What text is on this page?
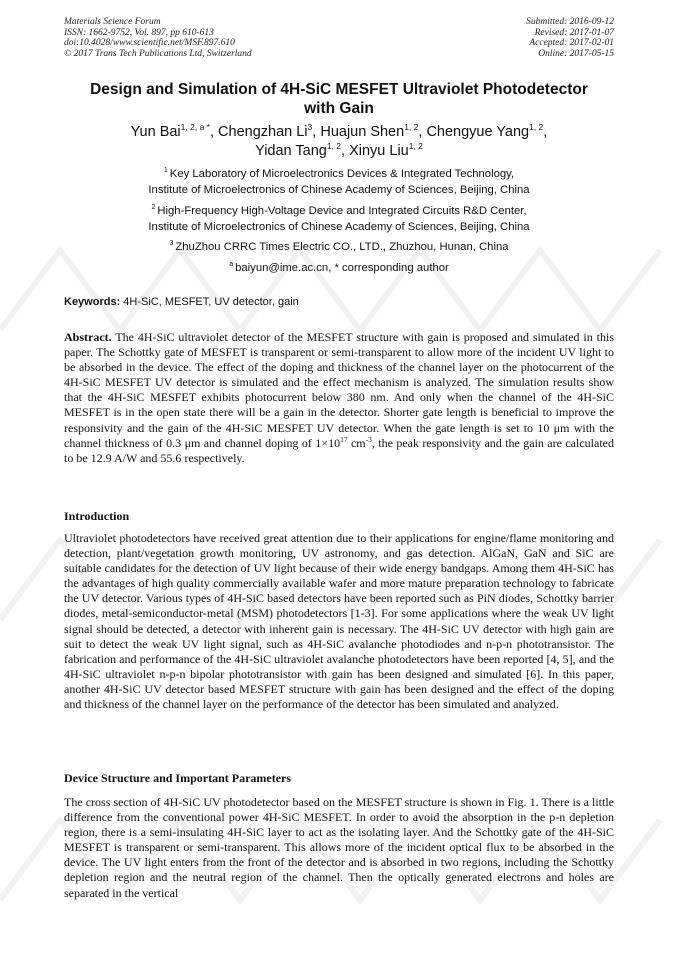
Materials Science Forum
ISSN: 1662-9752, Vol. 897, pp 610-613
doi:10.4028/www.scientific.net/MSF.897.610
© 2017 Trans Tech Publications Ltd, Switzerland
Submitted: 2016-09-12
Revised: 2017-01-07
Accepted: 2017-02-01
Online: 2017-05-15
Design and Simulation of 4H-SiC MESFET Ultraviolet Photodetector
with Gain
Yun Bai$^{1, 2, a *}$, Chengzhan Li$^3$, Huajun Shen$^{1, 2}$, Chengyue Yang$^{1, 2}$,
Yidan Tang$^{1, 2}$, Xinyu Liu$^{1, 2}$
$^1$ Key Laboratory of Microelectronics Devices & Integrated Technology,
Institute of Microelectronics of Chinese Academy of Sciences, Beijing, China
$^2$ High-Frequency High-Voltage Device and Integrated Circuits R&D Center,
Institute of Microelectronics of Chinese Academy of Sciences, Beijing, China
$^3$ ZhuZhou CRRC Times Electric CO., LTD., Zhuzhou, Hunan, China
$^a$ baiyun@ime.ac.cn, * corresponding author
Keywords: 4H-SiC, MESFET, UV detector, gain
Abstract. The 4H-SiC ultraviolet detector of the MESFET structure with gain is proposed and simulated in this paper. The Schottky gate of MESFET is transparent or semi-transparent to allow more of the incident UV light to be absorbed in the device. The effect of the doping and thickness of the channel layer on the photocurrent of the 4H-SiC MESFET UV detector is simulated and the effect mechanism is analyzed. The simulation results show that the 4H-SiC MESFET exhibits photocurrent below 380 nm. And only when the channel of the 4H-SiC MESFET is in the open state there will be a gain in the detector. Shorter gate length is beneficial to improve the responsivity and the gain of the 4H-SiC MESFET UV detector. When the gate length is set to 10 μm with the channel thickness of 0.3 μm and channel doping of $1\times 10^{17}$ $cm^{-3}$, the peak responsivity and the gain are calculated to be 12.9 A/W and 55.6 respectively.
Introduction
Ultraviolet photodetectors have received great attention due to their applications for engine/flame monitoring and detection, plant/vegetation growth monitoring, UV astronomy, and gas detection. AlGaN, GaN and SiC are suitable candidates for the detection of UV light because of their wide energy bandgaps. Among them 4H-SiC has the advantages of high quality commercially available wafer and more mature preparation technology to fabricate the UV detector. Various types of 4H-SiC based detectors have been reported such as PiN diodes, Schottky barrier diodes, metal-semiconductor-metal (MSM) photodetectors [1-3]. For some applications where the weak UV light signal should be detected, a detector with inherent gain is necessary. The 4H-SiC UV detector with high gain are suit to detect the weak UV light signal, such as 4H-SiC avalanche photodiodes and n-p-n phototransistor. The fabrication and performance of the 4H-SiC ultraviolet avalanche photodetectors have been reported [4, 5], and the 4H-SiC ultraviolet n-p-n bipolar phototransistor with gain has been designed and simulated [6]. In this paper, another 4H-SiC UV detector based MESFET structure with gain has been designed and the effect of the doping and thickness of the channel layer on the performance of the detector has been simulated and analyzed.
Device Structure and Important Parameters
The cross section of 4H-SiC UV photodetector based on the MESFET structure is shown in Fig. 1. There is a little difference from the conventional power 4H-SiC MESFET. In order to avoid the absorption in the p-n depletion region, there is a semi-insulating 4H-SiC layer to act as the isolating layer. And the Schottky gate of the 4H-SiC MESFET is transparent or semi-transparent. This allows more of the incident optical flux to be absorbed in the device. The UV light enters from the front of the detector and is absorbed in two regions, including the Schottky depletion region and the neutral region of the channel. Then the optically generated electrons and holes are separated in the vertical
